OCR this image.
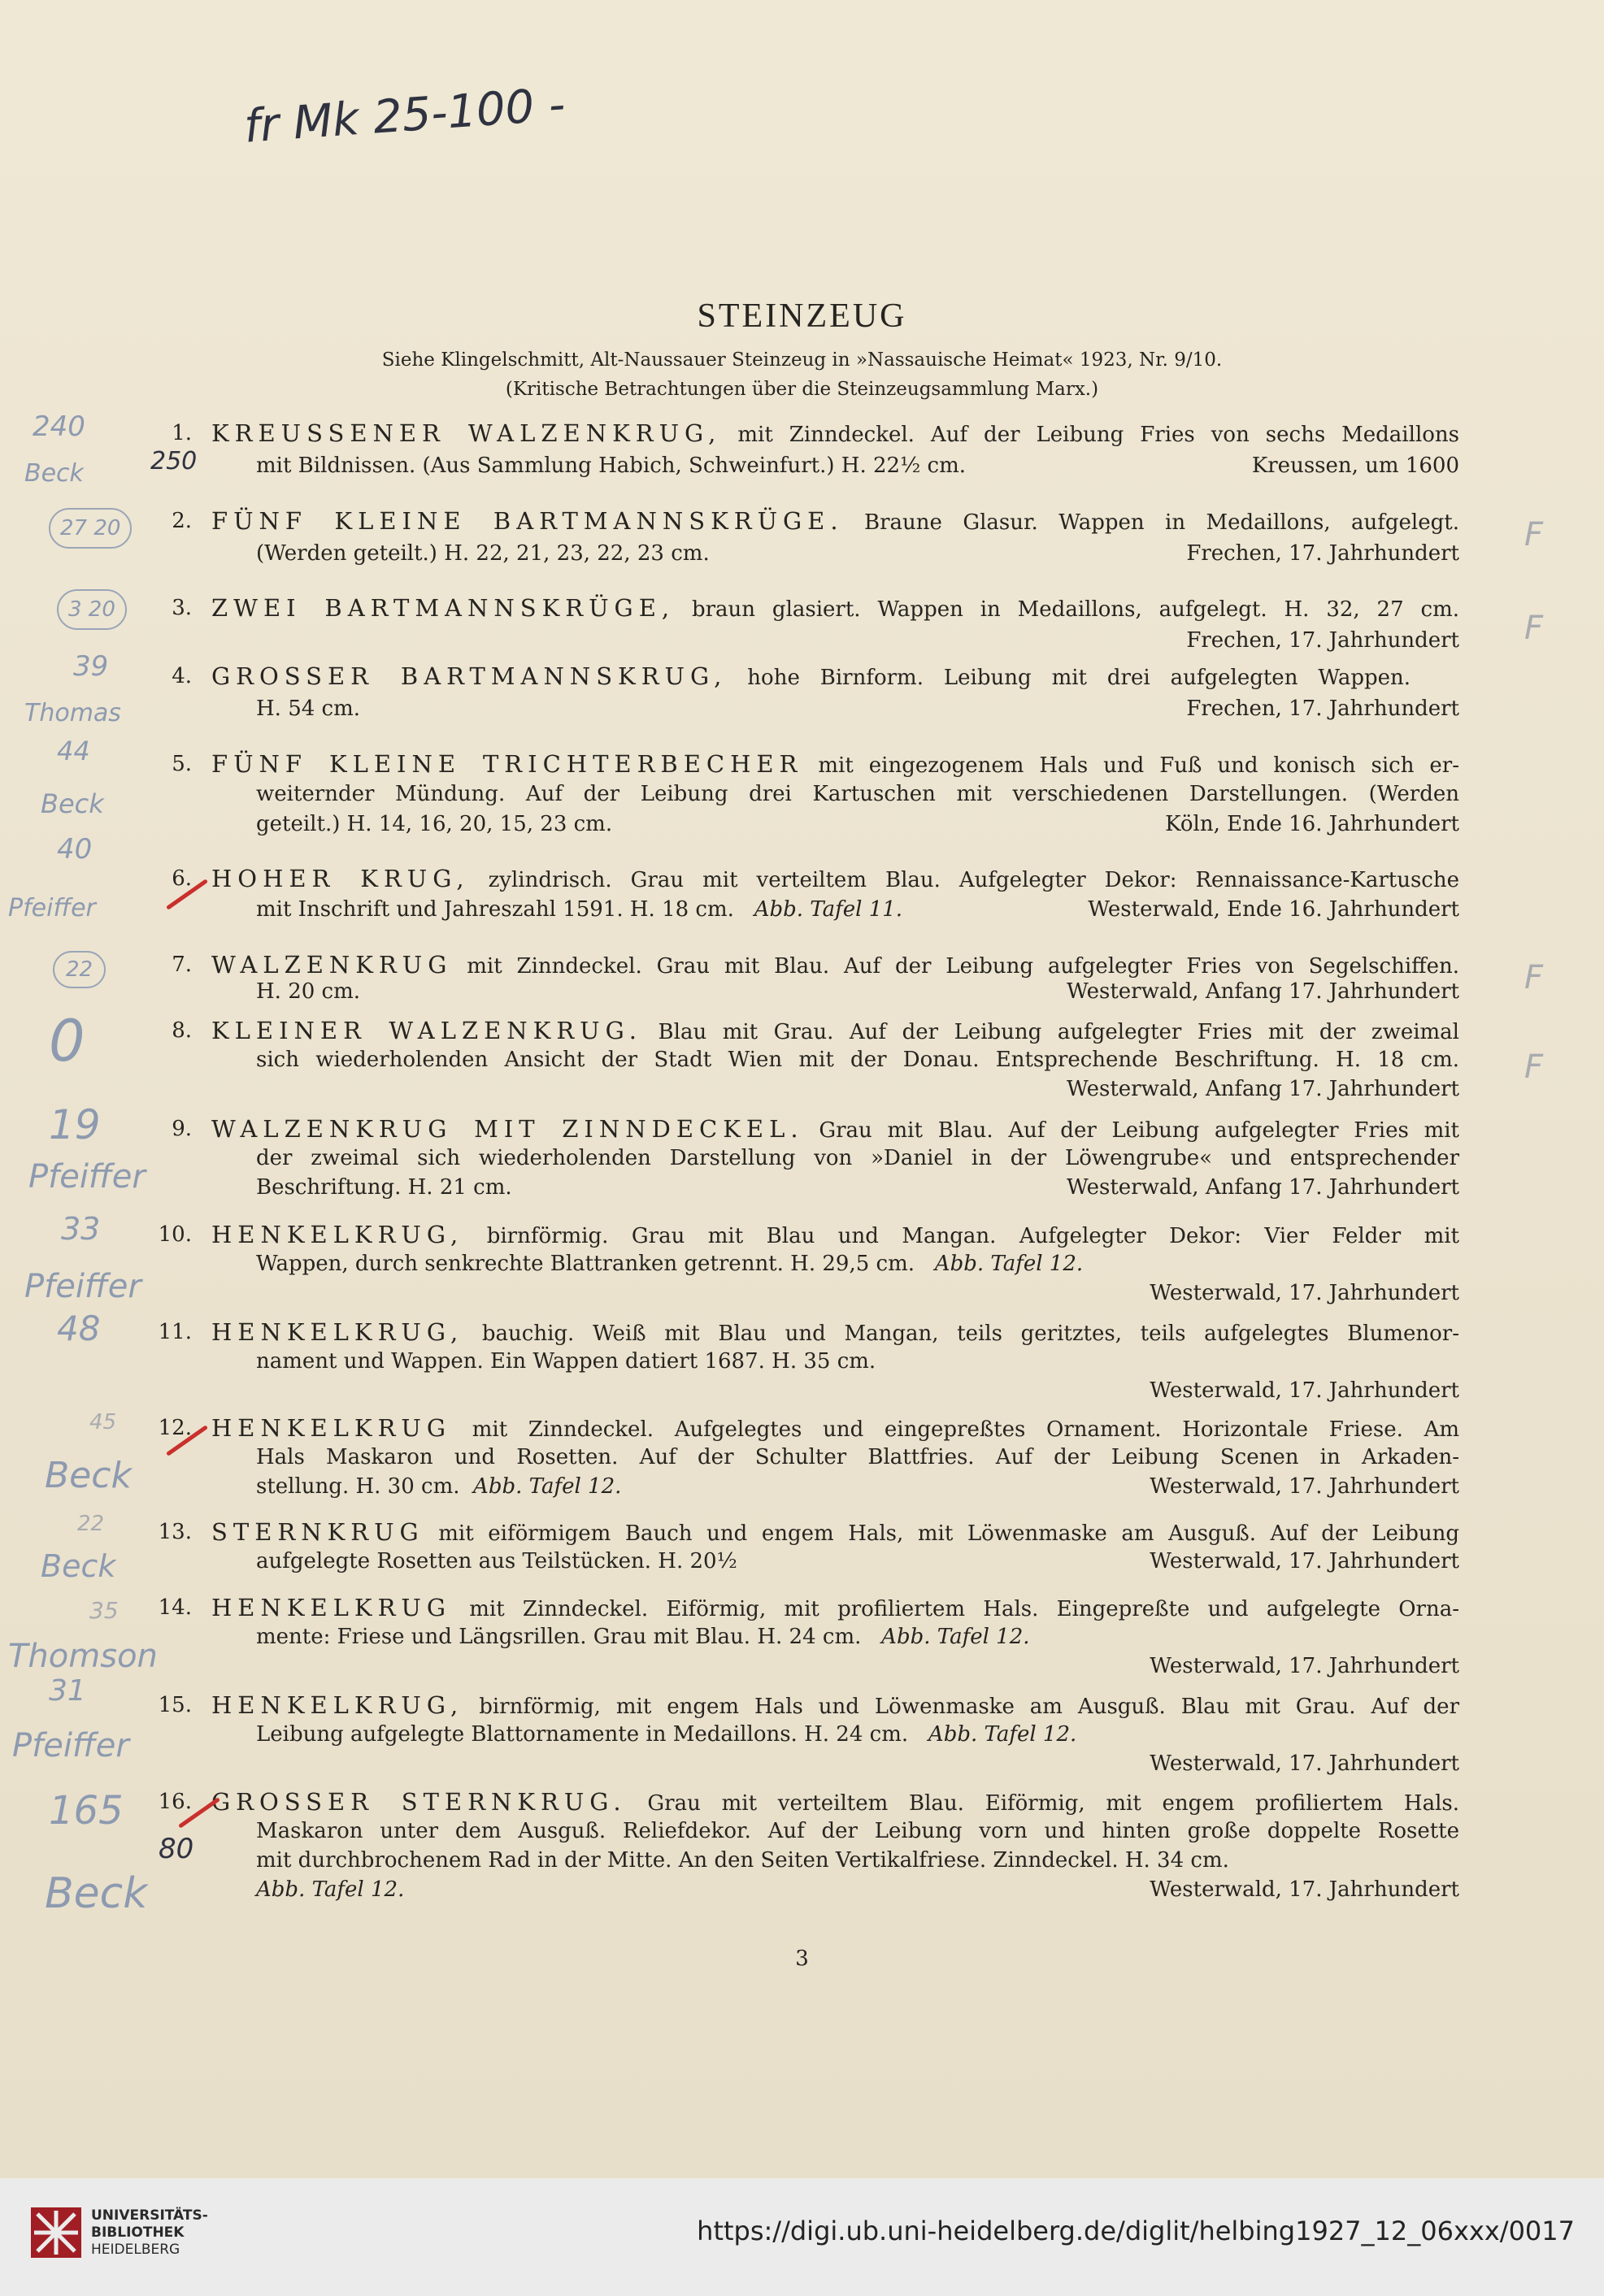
fr Mk 25-100 -
STEINZEUG
Siehe Klingelschmitt, Alt-Naussauer Steinzeug in »Nassauische Heimat« 1923, Nr. 9/10.
(Kritische Betrachtungen über die Steinzeugsammlung Marx.)
1. KREUSSENER WALZENKRUG, mit Zinndeckel. Auf der Leibung Fries von sechs Medaillons
mit Bildnissen. (Aus Sammlung Habich, Schweinfurt.) H. 22½ cm.	Kreussen, um 1600
2. FÜNF KLEINE BARTMANNSKRÜGE. Braune Glasur. Wappen in Medaillons, aufgelegt.
(Werden geteilt.) H. 22, 21, 23, 22, 23 cm.	Frechen, 17. Jahrhundert
3. ZWEI BARTMANNSKRÜGE, braun glasiert. Wappen in Medaillons, aufgelegt. H. 32, 27 cm.
Frechen, 17. Jahrhundert
4. GROSSER BARTMANNSKRUG, hohe Birnform. Leibung mit drei aufgelegten Wappen.
H. 54 cm.	Frechen, 17. Jahrhundert
5. FÜNF KLEINE TRICHTERBECHER mit eingezogenem Hals und Fuß und konisch sich er-
weiternder Mündung. Auf der Leibung drei Kartuschen mit verschiedenen Darstellungen. (Werden
geteilt.) H. 14, 16, 20, 15, 23 cm.	Köln, Ende 16. Jahrhundert
6. HOHER KRUG, zylindrisch. Grau mit verteiltem Blau. Aufgelegter Dekor: Rennaissance-Kartusche
mit Inschrift und Jahreszahl 1591. H. 18 cm. Abb. Tafel 11.	Westerwald, Ende 16. Jahrhundert
7. WALZENKRUG mit Zinndeckel. Grau mit Blau. Auf der Leibung aufgelegter Fries von Segelschiffen.
H. 20 cm.	Westerwald, Anfang 17. Jahrhundert
8. KLEINER WALZENKRUG. Blau mit Grau. Auf der Leibung aufgelegter Fries mit der zweimal
sich wiederholenden Ansicht der Stadt Wien mit der Donau. Entsprechende Beschriftung. H. 18 cm.
Westerwald, Anfang 17. Jahrhundert
9. WALZENKRUG MIT ZINNDECKEL. Grau mit Blau. Auf der Leibung aufgelegter Fries mit
der zweimal sich wiederholenden Darstellung von »Daniel in der Löwengrube« und entsprechender
Beschriftung. H. 21 cm.	Westerwald, Anfang 17. Jahrhundert
10. HENKELKRUG, birnförmig. Grau mit Blau und Mangan. Aufgelegter Dekor: Vier Felder mit
Wappen, durch senkrechte Blattranken getrennt. H. 29,5 cm. Abb. Tafel 12.
Westerwald, 17. Jahrhundert
11. HENKELKRUG, bauchig. Weiß mit Blau und Mangan, teils geritztes, teils aufgelegtes Blumenor-
nament und Wappen. Ein Wappen datiert 1687. H. 35 cm.
Westerwald, 17. Jahrhundert
12. HENKELKRUG mit Zinndeckel. Aufgelegtes und eingepreßtes Ornament. Horizontale Friese. Am
Hals Maskaron und Rosetten. Auf der Schulter Blattfries. Auf der Leibung Scenen in Arkaden-
stellung. H. 30 cm. Abb. Tafel 12.	Westerwald, 17. Jahrhundert
13. STERNKRUG mit eiförmigem Bauch und engem Hals, mit Löwenmaske am Ausguß. Auf der Leibung
aufgelegte Rosetten aus Teilstücken. H. 20½	Westerwald, 17. Jahrhundert
14. HENKELKRUG mit Zinndeckel. Eiförmig, mit profiliertem Hals. Eingepreßte und aufgelegte Orna-
mente: Friese und Längsrillen. Grau mit Blau. H. 24 cm. Abb. Tafel 12.
Westerwald, 17. Jahrhundert
15. HENKELKRUG, birnförmig, mit engem Hals und Löwenmaske am Ausguß. Blau mit Grau. Auf der
Leibung aufgelegte Blattornamente in Medaillons. H. 24 cm. Abb. Tafel 12.
Westerwald, 17. Jahrhundert
16. GROSSER STERNKRUG. Grau mit verteiltem Blau. Eiförmig, mit engem profiliertem Hals.
Maskaron unter dem Ausguß. Reliefdekor. Auf der Leibung vorn und hinten große doppelte Rosette
mit durchbrochenem Rad in der Mitte. An den Seiten Vertikalfriese. Zinndeckel. H. 34 cm.
Abb. Tafel 12.	Westerwald, 17. Jahrhundert
3
240
Beck	250
27 20
3 20
39
Thomas
44
Beck
40
Pfeiffer
22
0
19
Pfeiffer
33
Pfeiffer
48
45
Beck
22
Beck
35
Thomson
31
Pfeiffer
165
80
Beck
F
F
F
F
UNIVERSITÄTS-
BIBLIOTHEK
HEIDELBERG
https://digi.ub.uni-heidelberg.de/diglit/helbing1927_12_06xxx/0017
